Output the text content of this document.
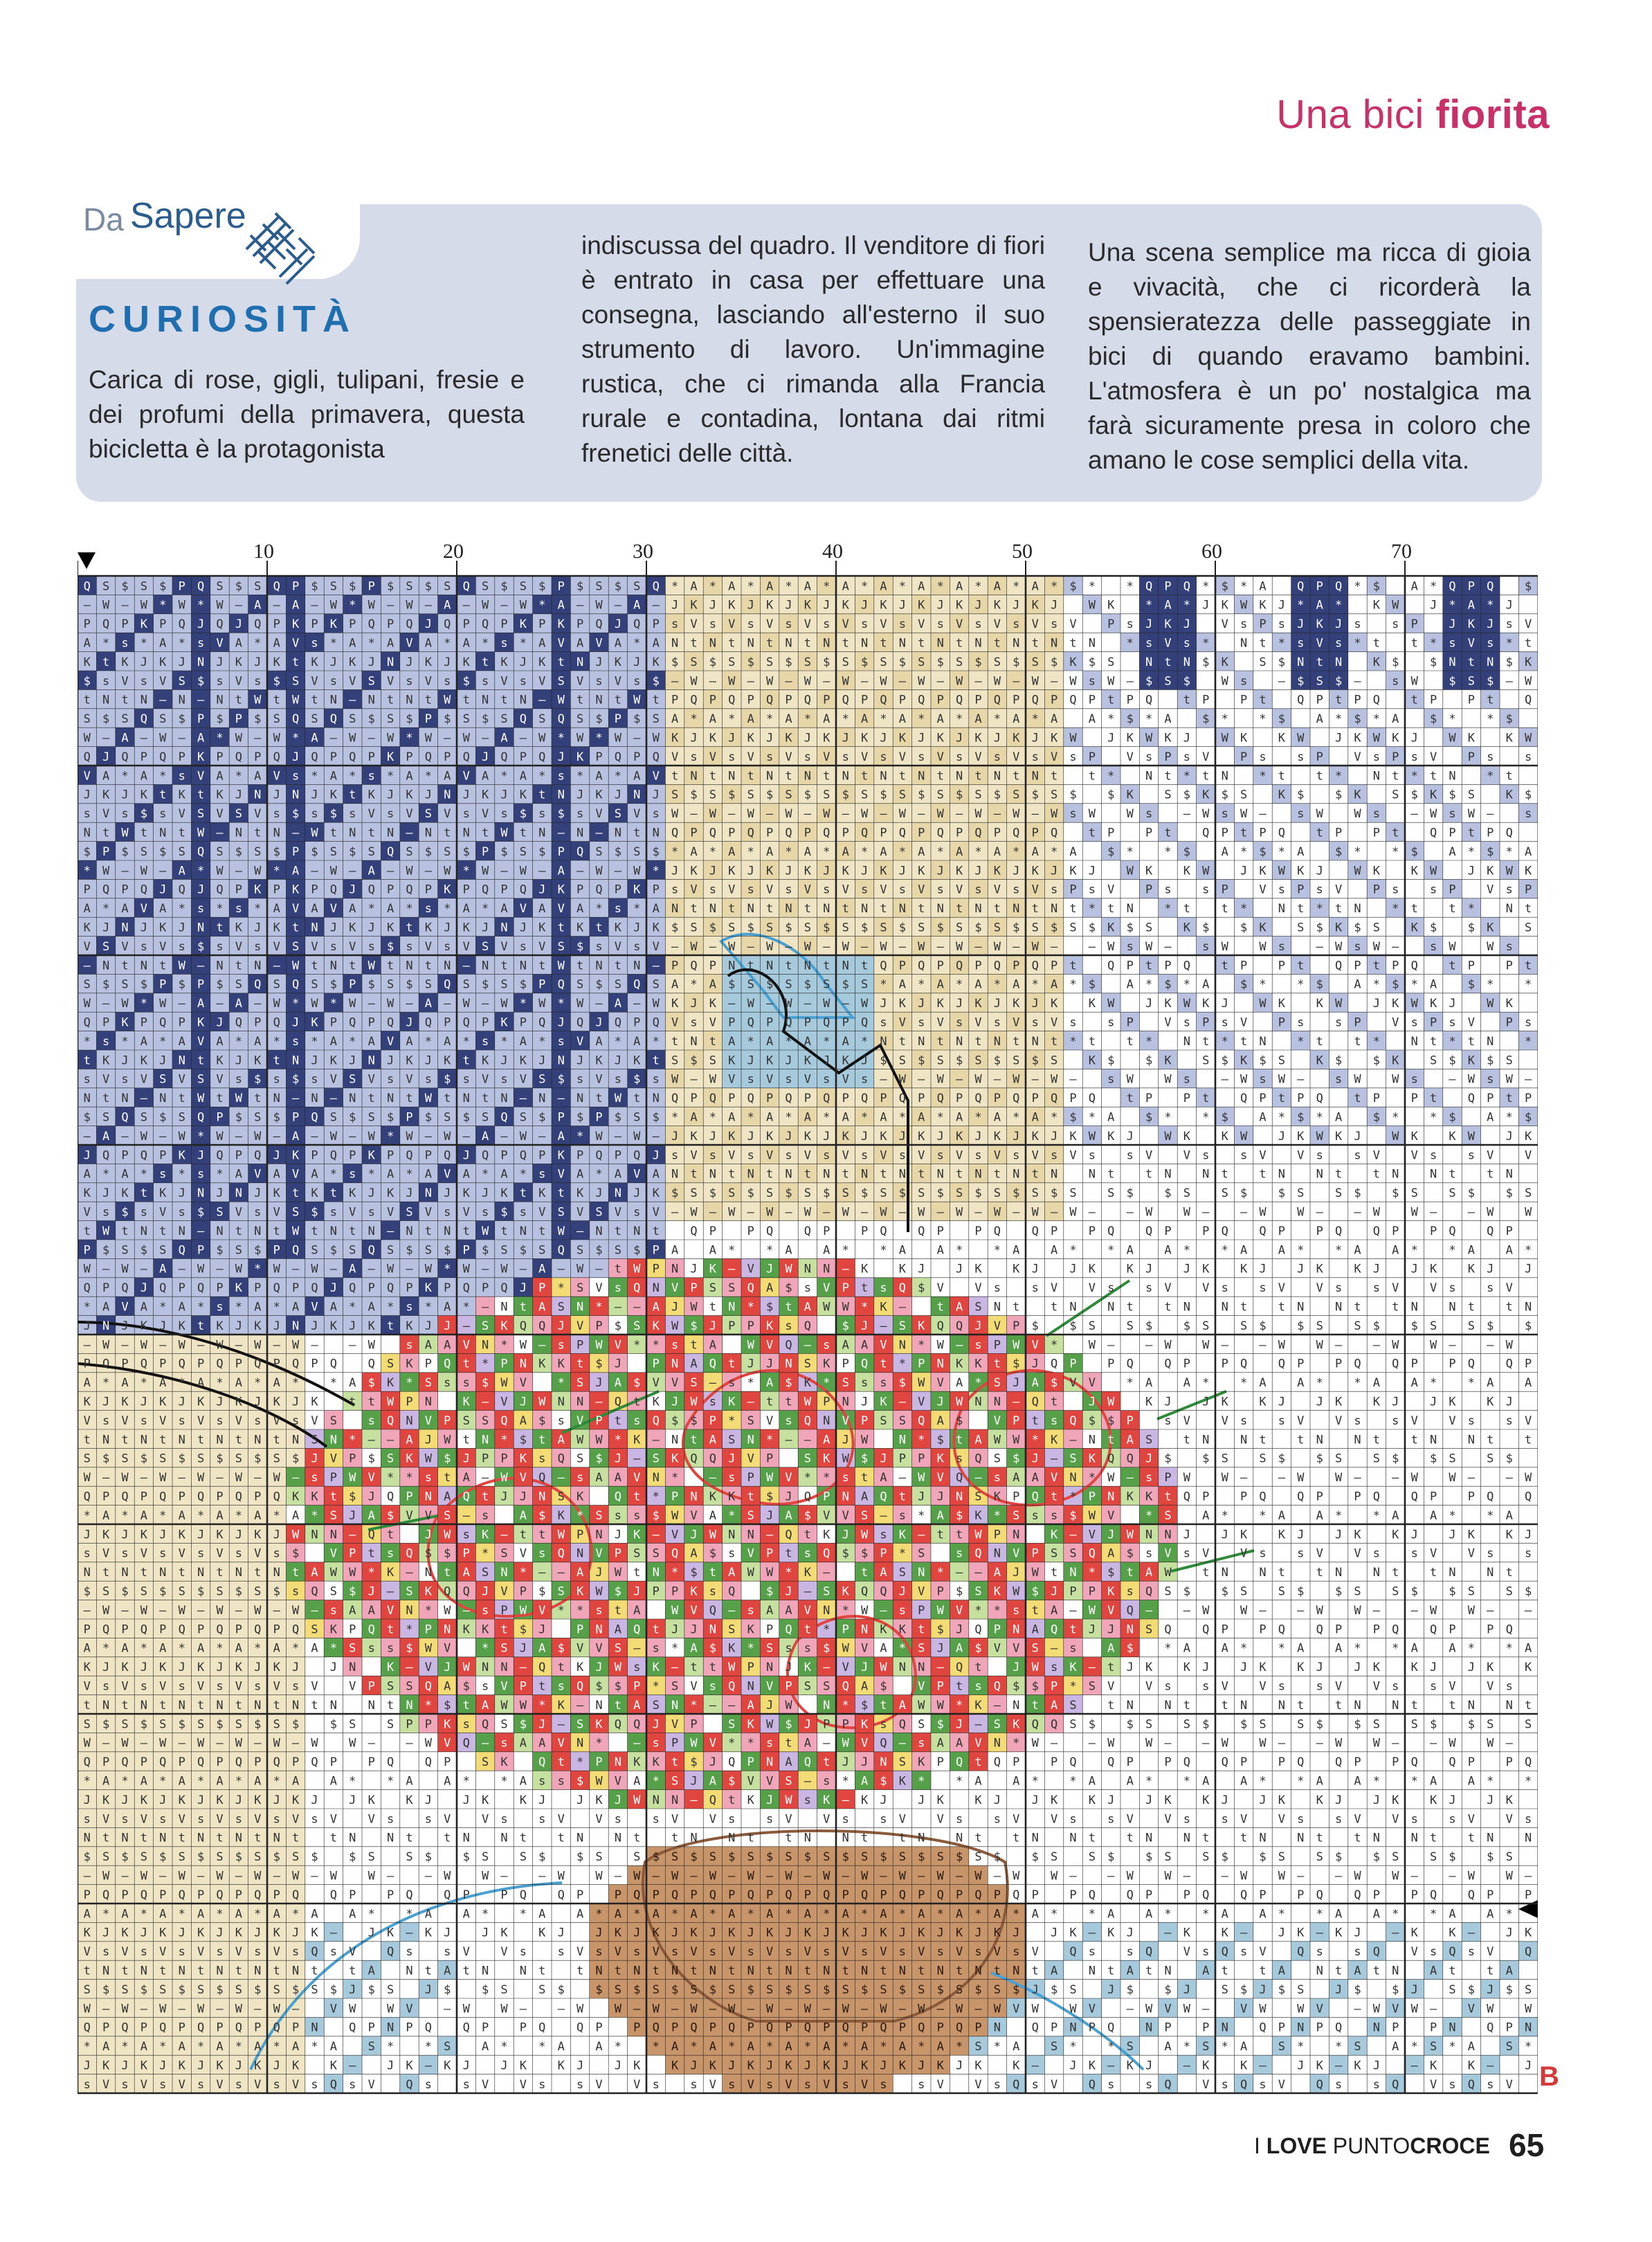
Una bici fiorita
Da Sapere
CURIOSITÀ
Carica di rose, gigli, tulipani, fresie e dei profumi della primavera, questa bicicletta è la protagonista
indiscussa del quadro. Il venditore di fiori è entrato in casa per effettuare una consegna, lasciando all'esterno il suo strumento di lavoro. Un'immagine rustica, che ci rimanda alla Francia rurale e contadina, lontana dai ritmi frenetici delle città.
Una scena semplice ma ricca di gioia e vivacità, che ci ricorderà la spensieratezza delle passeggiate in bici di quando eravamo bambini. L'atmosfera è un po' nostalgica ma farà sicuramente presa in coloro che amano le cose semplici della vita.
10	20	30	40	50	60	70
Q S $ S $ P Q S $ S Q P $ S $ P $ S $ S Q S $ S $ P $ S $ S Q * A * A * A * A * A * A * A * A * A * A * $ *	* Q P Q * $ * A	Q P Q * $	A * Q P Q	$
– W – W * W * W – A – A – W * W – W – A – W – W * A – W – A – J K J K J K J K J K J K J K J K J K J K J	W K	* A * J K W K J * A *	K W	J * A * J
P Q P K P Q J Q J Q P K P K P Q P Q J Q P Q P K P K P Q J Q P s V s V s V s V s V s V s V s V s V s V s V	P s J K J	V s P s J K J s	s P	J K J s V
A * s * A * s V A * A V s * A * A V A * A * s * A V A V A * A N t N t N t N t N t N t N t N t N t N t N t N	* s V s *	N t * s V s * t	t * s V s * t
K t K J K J N J K J K t K J K J N J K J K t K J K t N J K J K $ S $ S $ S $ S $ S $ S $ S $ S $ S $ S $ K $ S	N t N $ K	S $ N t N	K $	$ N t N $ K
$ s V s V S $ s V s $ S V s V S V s V s $ s V s V S V s V s $ – W – W – W – W – W – W – W – W – W – W – W s W – $ S $	W s	– $ S $ –	s W	$ S $ – W
t N t N – N – N t W t W t N – N t N t W t N t N – W t N t W t P Q P Q P Q P Q P Q P Q P Q P Q P Q P Q P Q P t P Q	t P	P t	Q P t P Q	t P	P t	Q
S $ S Q S $ P $ P $ S Q S Q S $ S $ P $ S $ S Q S Q S $ P $ S A * A * A * A * A * A * A * A * A * A * A	A * $ * A	$ *	* $	A * $ * A	$ *	* $
W – A – W – A * W – W * A – W – W * W – W – A – W * W * W – W K J K J K J K J K J K J K J K J K J K J K W	J K W K J	W K	K W	J K W K J	W K	K W
Q J Q P Q P K P Q P Q J Q P Q P K P Q P Q J Q P Q J K P Q P Q V s V s V s V s V s V s V s V s V s V s V s P	V s P s V	P s	s P	V s P s V	P s	s
V A * A * s V A * A V s * A * s * A * A V A * A * s * A * A V t N t N t N t N t N t N t N t N t N t N t	t *	N t * t N	* t	t *	N t * t N	* t
J K J K t K t K J N J N J K t K J K J N J K J K t N J K J N J S $ S $ S $ S $ S $ S $ S $ S $ S $ S $ S $	$ K	S $ K $ S	K $	$ K	S $ K $ S	K $
s V s $ s V S V S V s $ s $ s V s V S V s V s $ s $ s V S V s W – W – W – W – W – W – W – W – W – W – W s W	W s	– W s W –	s W	W s	– W s W –	s
N t W t N t W – N t N – W t N t N – N t N t W t N – N – N t N Q P Q P Q P Q P Q P Q P Q P Q P Q P Q P Q	t P	P t	Q P t P Q	t P	P t	Q P t P Q
$ P $ S $ S Q S $ S $ P $ S $ S Q S $ S $ P $ S $ P Q S $ S $ * A * A * A * A * A * A * A * A * A * A * A	$ *	* $	A * $ * A	$ *	* $	A * $ * A
* W – W – A * W – W * A – W – A – W – W * W – W – A – W – W * J K J K J K J K J K J K J K J K J K J K J K J	W K	K W	J K W K J	W K	K W	J K W K
P Q P Q J Q J Q P K P K P Q J Q P Q P K P Q P Q J K P Q P K P s V s V s V s V s V s V s V s V s V s V s P s V	P s	s P	V s P s V	P s	s P	V s P
A * A V A * s * s * A V A V A * A * s * A * A V A V A * s * A N t N t N t N t N t N t N t N t N t N t N t * t N	* t	t *	N t * t N	* t	t *	N t
K J N J K J N t K J K t N J K J K t K J K J N J K t K t K J K $ S $ S $ S $ S $ S $ S $ S $ S $ S $ S $ S $ K $ S	K $	$ K	S $ K $ S	K $	$ K	S
V S V s V s $ s V s V S V s V s $ s V s V S V s V S $ s V s V – W – W – W – W – W – W – W – W – W – W –	– W s W –	s W	W s	– W s W –	s W	W s
– N t N t W – N t N – W t N t W t N t N – N t N t W t N t N – P Q P N t N t N t N t Q P Q P Q P Q P Q P t	Q P t P Q	t P	P t	Q P t P Q	t P	P t
S $ S $ P $ P $ S Q S Q S $ P $ S $ S Q S $ S $ P Q S $ S Q S A * A $ S $ S $ S $ S * A * A * A * A * A * $	A * $ * A	$ *	* $	A * $ * A	$ *	*
W – W * W – A – A – W * W * W – W – A – W – W * W * W – A – W K J K – W – W – W – W J K J K J K J K J K	K W	J K W K J	W K	K W	J K W K J	W K
Q P K P Q P K J Q P Q J K P Q P Q J Q P Q P K P Q J Q J Q P Q V s V P Q P Q P Q P Q s V s V s V s V s V s	s P	V s P s V	P s	s P	V s P s V	P s
* s * A * A V A * A * s * A * A V A * A * s * A * s V A * A * t N t A * A * A * A * N t N t N t N t N t * t	t *	N t * t N	* t	t *	N t * t N	*
t K J K J N t K J K t N J K J N J K J K t K J K J N J K J K t S $ S K J K J K J K J $ S $ S $ S $ S $ S	K $	$ K	S $ K $ S	K $	$ K	S $ K $ S
s V s V S V S V s $ s $ s V S V s V s $ s V s V S $ s V s $ s W – W V s V s V s V s – W – W – W – W – W –	s W	W s	– W s W –	s W	W s	– W s W –
N t N – N t W t W t N – N – N t N t W t N t N – N – N t W t N Q P Q P Q P Q P Q P Q P Q P Q P Q P Q P Q P Q	t P	P t	Q P t P Q	t P	P t	Q P t P
$ S Q S $ S Q P $ S $ P Q S $ S $ P $ S $ S Q S $ P $ P $ S $ * A * A * A * A * A * A * A * A * A * A * $ * A	$ *	* $	A * $ * A	$ *	* $	A * $
– A – W – W * W – W – A – W – W * W – W – A – W – A * W – W – J K J K J K J K J K J K J K J K J K J K J K W K J	W K	K W	J K W K J	W K	K W	J K
J Q P Q P K J Q P Q J K P Q P K P Q P Q J Q P Q P K P Q P Q J s V s V s V s V s V s V s V s V s V s V s V s	s V	V s	s V	V s	s V	V s	s V	V
A * A * s * s * A V A V A * s * A * A V A * A * s V A * A V A N t N t N t N t N t N t N t N t N t N t N	N t	t N	N t	t N	N t	t N	N t	t N
K J K t K J N J N J K t K t K J K J N J K J K t K t K J N J K $ S $ S $ S $ S $ S $ S $ S $ S $ S $ S $ S	S $	$ S	S $	$ S	S $	$ S	S $	$ S
V s $ s V s $ S V s V S $ s V s V S V s V s $ s V S V S V s V – W – W – W – W – W – W – W – W – W – W – W –	– W	W –	– W	W –	– W	W –	– W	W
t W t N t N – N t N t W t N t N – N t N t W t N t W – N t N t	Q P	P Q	Q P	P Q	Q P	P Q	Q P	P Q	Q P	P Q	Q P	P Q	Q P	P Q	Q P
P $ S $ S Q P $ S $ P Q S $ S Q S $ S $ P $ S $ S Q S $ S $ P A	A *	* A	A *	* A	A *	* A	A *	* A	A *	* A	A *	* A	A *	* A	A *
W – W – A – W – W * W – W – A – W – W * W – W – A – W – t W P N J K – V J W N N – K	K J	J K	K J	J K	K J	J K	K J	J K	K J	J K	K J	J
Q P Q J Q P Q P K P Q P Q J Q P Q P K P Q P Q J P * S V s Q N V P S S Q A $ s V P t s Q $ V	V s	s V	V s	s V	V s	s V	V s	s V	V s	s V
* A V A * A * s * A * A V A * A * s * A * – N t A S N * – – A J W t N * $ t A W W * K –	t A S N t	t N	N t	t N	N t	t N	N t	t N	N t	t N
J N J K J K t K J K J N J K J K t K J J – S K Q Q J V P $ S K W $ J P P K s Q	$ J – S K Q Q J V P $	$ S	S $	$ S	S $	$ S	S $	$ S	S $	$
– W – W – W – W – W – W –	– W	s A A V N * W – s P W V * * s t A	W V Q – s A A V N * W – s P W V *	W –	– W	W –	– W	W –	– W	W –	– W
P Q P Q P Q P Q P Q P Q P Q	Q S K P Q t * P N K K t $ J	P N A Q t J J N S K P Q t * P N K K t $ J Q P	P Q	Q P	P Q	Q P	P Q	Q P	P Q	Q P
A * A * A * A * A * A *	* A $ K * S s s $ W V	* S J A $ V V S – s * A $ K * S s s $ W V A * S J A $ V V	* A	A *	* A	A *	* A	A *	* A	A
K J K J K J K J K J K J K	t t W P N	K – V J W N N – Q t K J W s K – t t W P N J K – V J W N N – Q t	J W	K J	J K	K J	J K	K J	J K	K J
V s V s V s V s V s V s V S	s Q N V P S S Q A $ s V P t s Q $ $ P * S V s Q N V P S S Q A $	V P t s Q $ $ P	s V	V s	s V	V s	s V	V s	s V
t N t N t N t N t N t N S N * – – A J W t N * $ t A W W * K – N t A S N * – – A J W	N * $ t A W W * K – N t A S	t N	N t	t N	N t	t N	N t	t
S $ S $ S $ S $ S $ S $ J V P $ S K W $ J P P K s Q S $ J – S K Q Q J V P	S K W $ J P P K s Q S $ J – S K Q Q J $	$ S	S $	$ S	S $	$ S	S $
W – W – W – W – W – W – s P W V * * s t A – W V Q – s A A V N *	– s P W V * * s t A – W V Q – s A A V N * W – s P W	W –	– W	W –	– W	W –	– W
Q P Q P Q P Q P Q P Q K K t $ J Q P N A Q t J J N S K	Q t * P N K K t $ J Q P N A Q t J J N S K P Q t * P N K K t Q P	P Q	Q P	P Q	Q P	P Q	Q
* A * A * A * A * A * A * S J A $ V V S – s	A $ K * S s s $ W V A * S J A $ V V S – s * A $ K * S s s $ W V	* S	A *	* A	A *	* A	A *	* A
J K J K J K J K J K J W N N – Q t	J W s K – t t W P N J K – V J W N N – Q t K J W s K – t t W P N	K – V J W N N J	J K	K J	J K	K J	J K	K J
s V s V s V s V s V s $	V P t s Q $ $ P * S V s Q N V P S S Q A $ s V P t s Q $ $ P * S	s Q N V P S S Q A $ s V s V	V s	s V	V s	s V	V s	s
N t N t N t N t N t N t A W W * K – N t A S N * – – A J W t N * $ t A W W * K –	t A S N * – – A J W t N * $ t A W	t N	N t	t N	N t	t N	N t
$ S $ S $ S $ S $ S $ s Q S $ J – S K Q Q J V P $ S K W $ J P P K s Q	$ J – S K Q Q J V P $ S K W $ J P P K s Q S $	$ S	S $	$ S	S $	$ S	S $
– W – W – W – W – W – W – s A A V N * W – s P W V * * s t A	W V Q – s A A V N * W – s P W V * * s t A – W V Q –	– W	W –	– W	W –	– W	W –	–
P Q P Q P Q P Q P Q P Q S K P Q t * P N K K t $ J	P N A Q t J J N S K P Q t * P N K K t $ J Q P N A Q t J J N S Q	Q P	P Q	Q P	P Q	Q P	P Q
A * A * A * A * A * A * A * S s s $ W V	* S J A $ V V S – s * A $ K * S s s $ W V A * S J A $ V V S – s	A $	* A	A *	* A	A *	* A	A *	* A
K J K J K J K J K J K J	J N	K – V J W N N – Q t K J W s K – t t W P N J K – V J W N N – Q t	J W s K – t J K	K J	J K	K J	J K	K J	J K	K
V s V s V s V s V s V s V	V P S S Q A $ s V P t s Q $ $ P * S V s Q N V P S S Q A $	V P t s Q $ $ P * S V	V s	s V	V s	s V	V s	s V	V s
t N t N t N t N t N t N t N	N t N * $ t A W W * K – N t A S N * – – A J W	N * $ t A W W * K – N t A S	t N	N t	t N	N t	t N	N t	t N	N t
S $ S $ S $ S $ S $ S $	$ S	S P P K s Q S $ J – S K Q Q J V P	S K W $ J P P K s Q S $ J – S K Q Q S $	$ S	S $	$ S	S $	$ S	S $	$ S	S
W – W – W – W – W – W – W	W –	– W V Q – s A A V N *	– s P W V * * s t A – W V Q – s A A V N * W –	– W	W –	– W	W –	– W	W –	– W	W –
Q P Q P Q P Q P Q P Q P Q P	P Q	Q P	S K	Q t * P N K K t $ J Q P N A Q t J J N S K P Q t Q P	P Q	Q P	P Q	Q P	P Q	Q P	P Q	Q P	P Q
* A * A * A * A * A * A	A *	* A	A *	* A s s $ W V A * S J A $ V V S – s * A $ K *	* A	A *	* A	A *	* A	A *	* A	A *	* A	A *	*
J K J K J K J K J K J K J	J K	K J	J K	K J	J K J W N N – Q t K J W s K – K J	J K	K J	J K	K J	J K	K J	J K	K J	J K	K J	J K
s V s V s V s V s V s V s V	V s	s V	V s	s V	V s	s V	V s	s V	V s	s V	V s	s V	V s	s V	V s	s V	V s	s V	V s	s V	V s
N t N t N t N t N t N t	t N	N t	t N	N t	t N	N t	t N	N t	t N	N t	t N	N t	t N	N t	t N	N t	t N	N t	t N	N t	t N	N
$ S $ S $ S $ S $ S $ S $	$ S	S $	$ S	S $	$ S	S $ S $ S $ S $ S $ S $ S $ S $ S $ S $	$ S	S $	$ S	S $	$ S	S $	$ S	S $	$ S
– W – W – W – W – W – W – W	W –	– W	W –	– W	W – W – W – W – W – W – W – W – W – W – W – W	W –	– W	W –	– W	W –	– W	W –	– W	W –
P Q P Q P Q P Q P Q P Q	Q P	P Q	Q P	P Q	Q P	P Q P Q P Q P Q P Q P Q P Q P Q P Q P Q P Q P	P Q	Q P	P Q	Q P	P Q	Q P	P Q	Q P	P
A * A * A * A * A * A * A	A *	* A	A *	* A	A * A * A * A * A * A * A * A * A * A * A * A * A *	* A	A *	* A	A *	* A	A *	* A	A *
K J K J K J K J K J K J K –	J K – K J	J K	K J	J K J K J K J K J K J K J K J K J K J K J K J	J K – K J	– K	K –	J K – K J	– K	K –	J K
V s V s V s V s V s V s Q s V	Q s	s V	V s	s V s V s V s V s V s V s V s V s V s V s V s V s V	Q s	s Q	V s Q s V	Q s	s Q	V s Q s V	Q
t N t N t N t N t N t N t	t A	N t A t N	N t	t N t N t N t N t N t N t N t N t N t N t N t N t A	N t A t N	A t	t A	N t A t N	A t	t A
S $ S $ S $ S $ S $ S $ S $ J $ S	J $	$ S	S $	$ S $ S $ S $ S $ S $ S $ S $ S $ S $ S $ S $ J $ S	J $	$ J	S $ J $ S	J $	$ J	S $ J $ S
W – W – W – W – W – W –	V W	W V	– W	W –	– W	W – W – W – W – W – W – W – W – W – W – W V W	W V	– W V W –	V W	W V	– W V W –	V W	W
Q P Q P Q P Q P Q P Q P N	Q P N P Q	Q P	P Q	Q P	P Q P Q P Q P Q P Q P Q P Q P Q P Q P N	Q P N P Q	N P	P N	Q P N P Q	N P	P N	Q P N
* A * A * A * A * A * A * A	S *	* S	A *	* A	A *	* A * A * A * A * A * A * A * A * S * A	S *	* S	A * S * A	S *	* S	A * S * A	S *
J K J K J K J K J K J K	K –	J K – K J	J K	K J	J K	K J K J K J K J K J K J K J K J K	K –	J K – K J	– K	K –	J K – K J	– K	K –	J
s V s V s V s V s V s V s Q s V	Q s	s V	V s	s V	V s	s V s V s V s V s V s	s V	V s Q s V	Q s	s Q	V s Q s V	Q s	s Q	V s Q s V B
I LOVE PUNTOCROCE 65
